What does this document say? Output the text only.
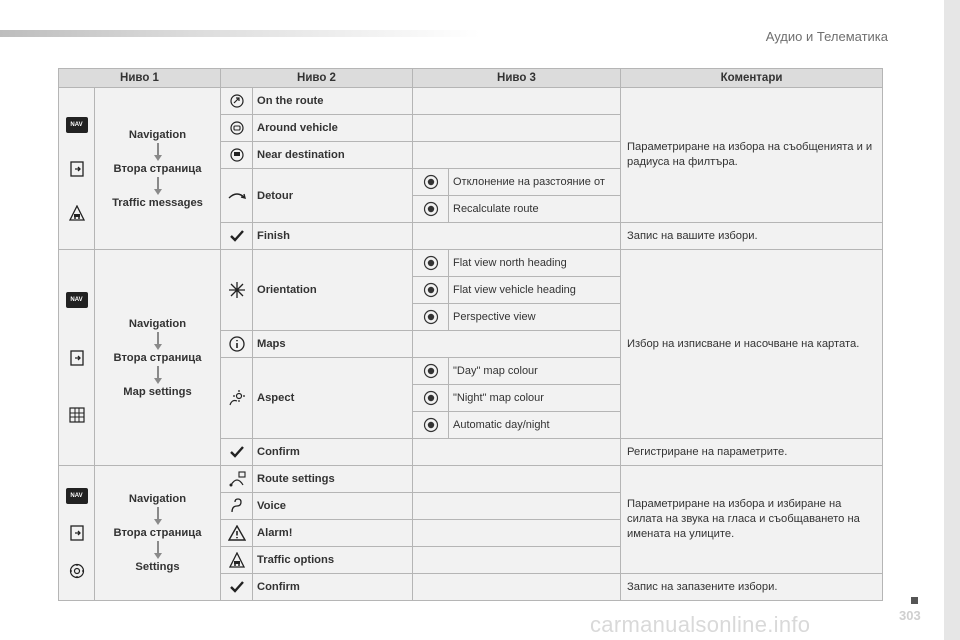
Аудио и Телематика
Ниво 1		Ниво 2		Ниво 3		Коментари

NAV	Navigation
Втора страница
Traffic messages		On the route			Параметриране на избора на съобщенията и и радиуса на филтъра.
	Around vehicle			
	Near destination			
	Detour		Отклонение на разстояние от	
	Recalculate route	
	Finish			Запис на вашите избори.

NAV	Navigation
Втора страница
Map settings		Orientation		Flat view north heading	Избор на изписване и насочване на картата.
	Flat view vehicle heading	
	Perspective view	
	Maps			
	Aspect		"Day" map colour	
	"Night" map colour	
	Automatic day/night	
	Confirm			Регистриране на параметрите.

NAV	Navigation
Втора страница
Settings		Route settings			Параметриране на избора и избиране на силата на звука на гласа и съобщаването на имената на улиците.
	Voice			
	Alarm!			
	Traffic options			
	Confirm			Запис на запазените избори.
carmanualsonline.info	303
